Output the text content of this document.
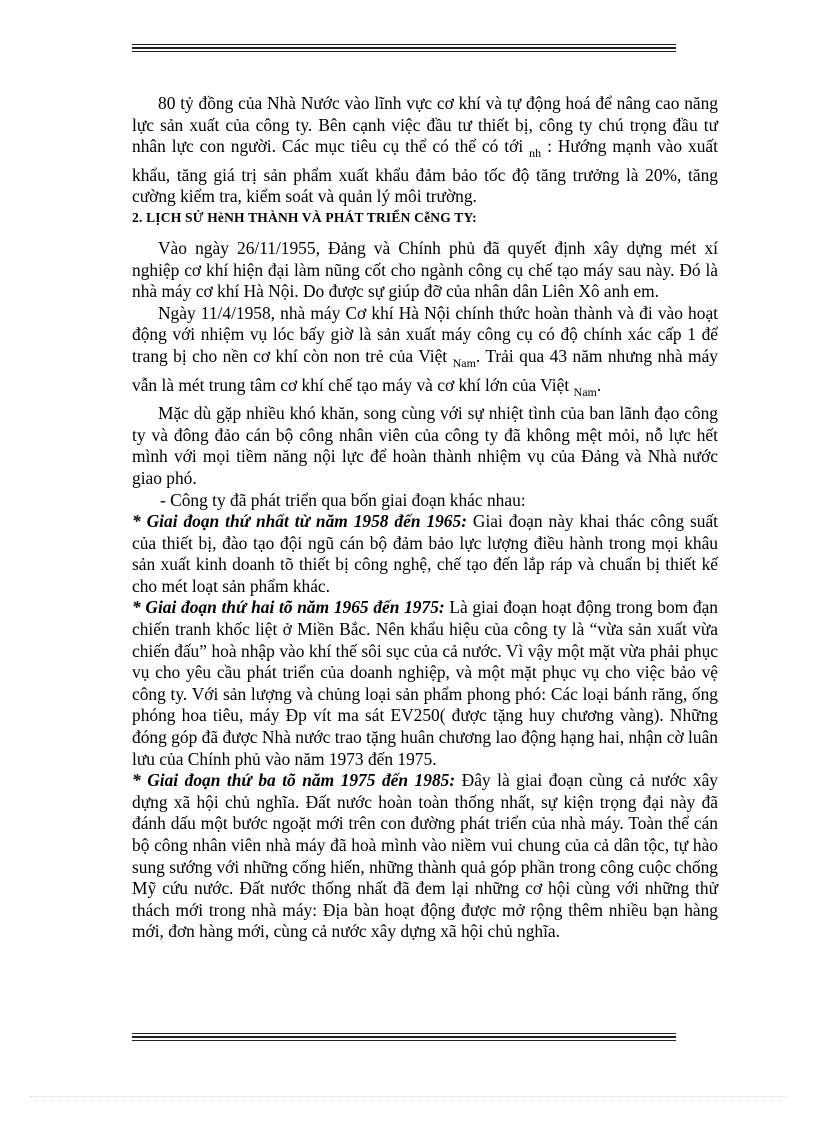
80 tỷ đồng của Nhà Nước vào lĩnh vực cơ khí và tự động hoá để nâng cao năng lực sản xuất của công ty. Bên cạnh việc đầu tư thiết bị, công ty chú trọng đầu tư nhân lực con người. Các mục tiêu cụ thể có thể có tới $_{nh}$ : Hướng mạnh vào xuất khẩu, tăng giá trị sản phẩm xuất khẩu đảm bảo tốc độ tăng trưởng là 20%, tăng cường kiểm tra, kiểm soát và quản lý môi trường.

2. LỊCH SỬ HèNH THÀNH VÀ PHÁT TRIỂN CễNG TY:

Vào ngày 26/11/1955, Đảng và Chính phủ đã quyết định xây dựng mét xí nghiệp cơ khí hiện đại làm nũng cốt cho ngành công cụ chế tạo máy sau này. Đó là nhà máy cơ khí Hà Nội. Do được sự giúp đỡ của nhân dân Liên Xô anh em.

Ngày 11/4/1958, nhà máy Cơ khí Hà Nội chính thức hoàn thành và đi vào hoạt động với nhiệm vụ lóc bấy giờ là sản xuất máy công cụ có độ chính xác cấp 1 để trang bị cho nền cơ khí còn non trẻ của Việt $_{Nam}$. Trải qua 43 năm nhưng nhà máy vẫn là mét trung tâm cơ khí chế tạo máy và cơ khí lớn của Việt $_{Nam}$.

Mặc dù gặp nhiều khó khăn, song cùng với sự nhiệt tình của ban lãnh đạo công ty và đông đảo cán bộ công nhân viên của công ty đã không mệt mỏi, nỗ lực hết mình với mọi tiềm năng nội lực để hoàn thành nhiệm vụ của Đảng và Nhà nước giao phó.

- Công ty đã phát triển qua bốn giai đoạn khác nhau:

* Giai đoạn thứ nhất từ năm 1958 đến 1965: Giai đoạn này khai thác công suất của thiết bị, đào tạo đội ngũ cán bộ đảm bảo lực lượng điều hành trong mọi khâu sản xuất kinh doanh tõ thiết bị công nghệ, chế tạo đến lắp ráp và chuẩn bị thiết kế cho mét loạt sản phẩm khác.

* Giai đoạn thứ hai tõ năm 1965 đến 1975: Là giai đoạn hoạt động trong bom đạn chiến tranh khốc liệt ở Miền Bắc. Nên khẩu hiệu của công ty là “vừa sản xuất vừa chiến đấu” hoà nhập vào khí thế sôi sục của cả nước. Vì vậy một mặt vừa phải phục vụ cho yêu cầu phát triển của doanh nghiệp, và một mặt phục vụ cho việc bảo vệ công ty. Với sản lượng và chủng loại sản phẩm phong phó: Các loại bánh răng, ống phóng hoa tiêu, máy Đp vít ma sát EV250( được tặng huy chương vàng). Những đóng góp đã được Nhà nước trao tặng huân chương lao động hạng hai, nhận cờ luân lưu của Chính phủ vào năm 1973 đến 1975.

* Giai đoạn thứ ba tõ năm 1975 đến 1985: Đây là giai đoạn cùng cả nước xây dựng xã hội chủ nghĩa. Đất nước hoàn toàn thống nhất, sự kiện trọng đại này đã đánh dấu một bước ngoặt mới trên con đường phát triển của nhà máy. Toàn thể cán bộ công nhân viên nhà máy đã hoà mình vào niềm vui chung của cả dân tộc, tự hào sung sướng với những cống hiến, những thành quả góp phần trong công cuộc chống Mỹ cứu nước. Đất nước thống nhất đã đem lại những cơ hội cùng với những thử thách mới trong nhà máy: Địa bàn hoạt động được mở rộng thêm nhiều bạn hàng mới, đơn hàng mới, cùng cả nước xây dựng xã hội chủ nghĩa.
